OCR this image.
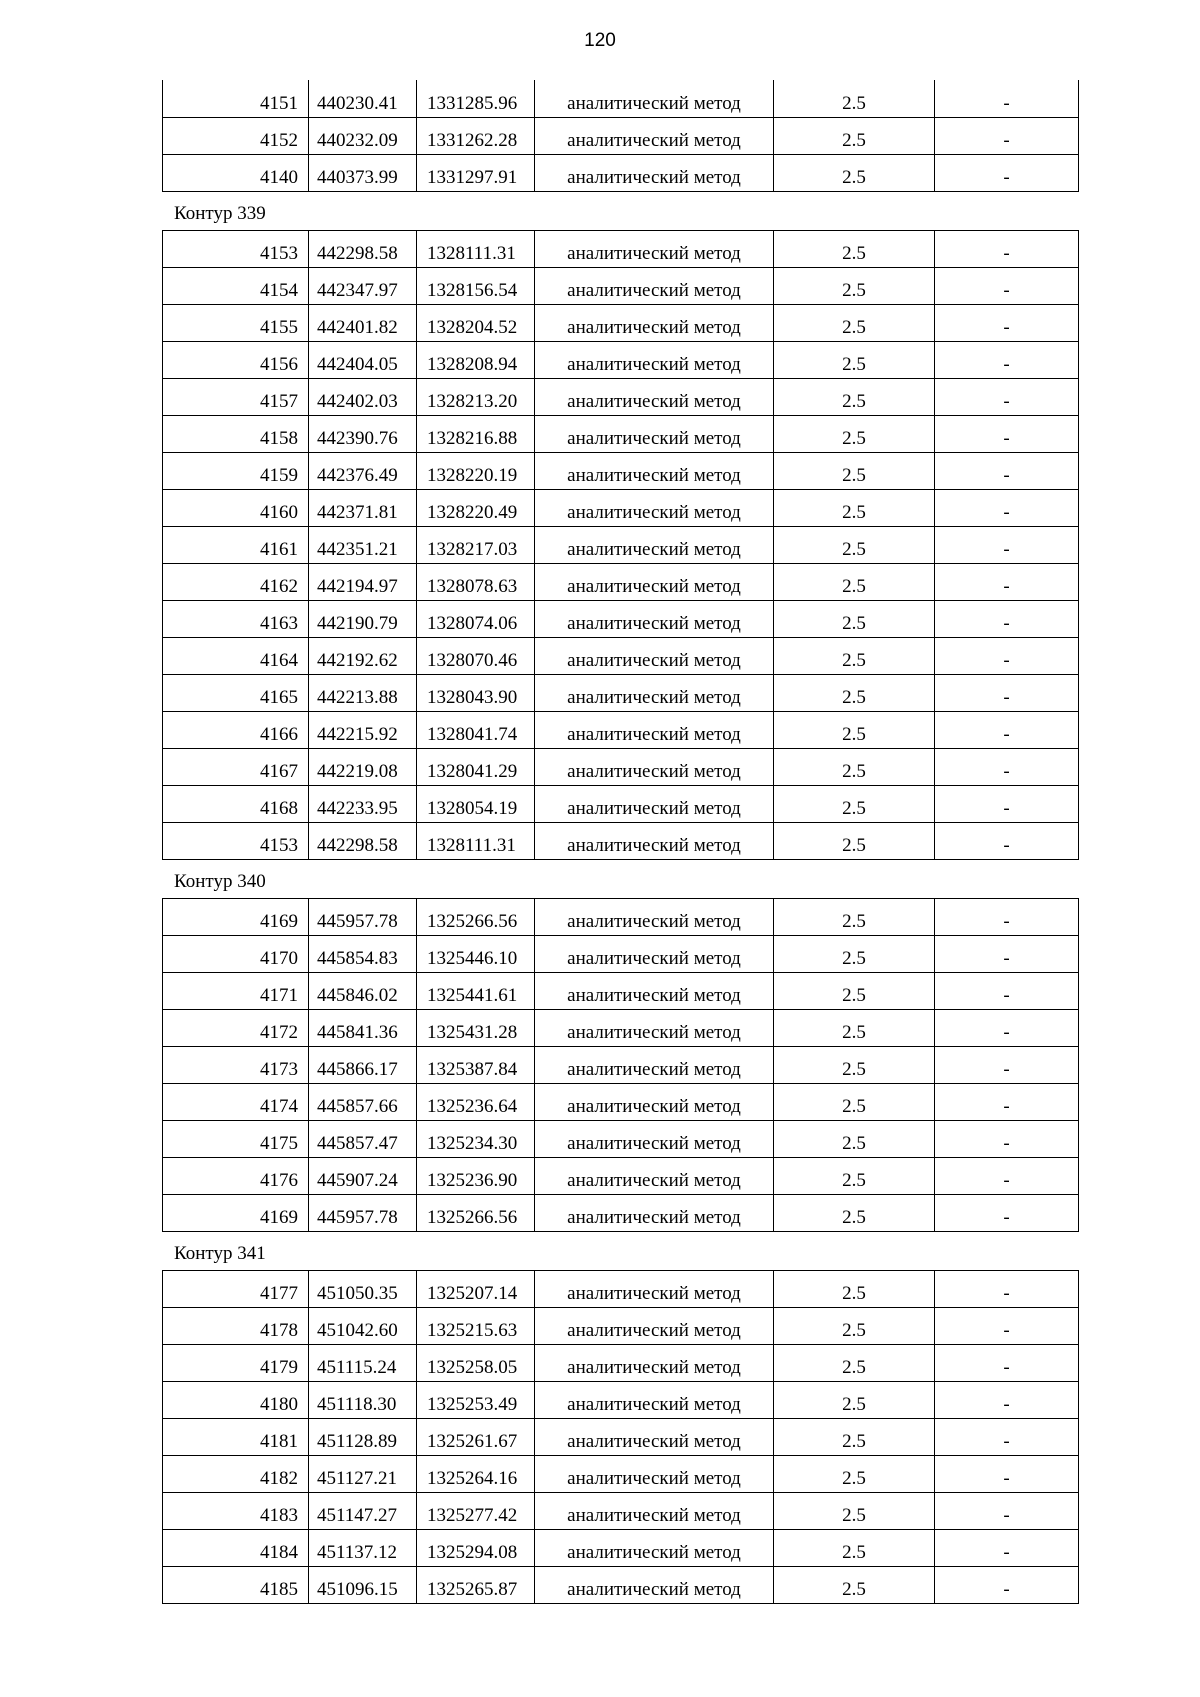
120
4151	440230.41	1331285.96	аналитический метод	2.5	-
4152	440232.09	1331262.28	аналитический метод	2.5	-
4140	440373.99	1331297.91	аналитический метод	2.5	-
Контур 339
4153	442298.58	1328111.31	аналитический метод	2.5	-
4154	442347.97	1328156.54	аналитический метод	2.5	-
4155	442401.82	1328204.52	аналитический метод	2.5	-
4156	442404.05	1328208.94	аналитический метод	2.5	-
4157	442402.03	1328213.20	аналитический метод	2.5	-
4158	442390.76	1328216.88	аналитический метод	2.5	-
4159	442376.49	1328220.19	аналитический метод	2.5	-
4160	442371.81	1328220.49	аналитический метод	2.5	-
4161	442351.21	1328217.03	аналитический метод	2.5	-
4162	442194.97	1328078.63	аналитический метод	2.5	-
4163	442190.79	1328074.06	аналитический метод	2.5	-
4164	442192.62	1328070.46	аналитический метод	2.5	-
4165	442213.88	1328043.90	аналитический метод	2.5	-
4166	442215.92	1328041.74	аналитический метод	2.5	-
4167	442219.08	1328041.29	аналитический метод	2.5	-
4168	442233.95	1328054.19	аналитический метод	2.5	-
4153	442298.58	1328111.31	аналитический метод	2.5	-
Контур 340
4169	445957.78	1325266.56	аналитический метод	2.5	-
4170	445854.83	1325446.10	аналитический метод	2.5	-
4171	445846.02	1325441.61	аналитический метод	2.5	-
4172	445841.36	1325431.28	аналитический метод	2.5	-
4173	445866.17	1325387.84	аналитический метод	2.5	-
4174	445857.66	1325236.64	аналитический метод	2.5	-
4175	445857.47	1325234.30	аналитический метод	2.5	-
4176	445907.24	1325236.90	аналитический метод	2.5	-
4169	445957.78	1325266.56	аналитический метод	2.5	-
Контур 341
4177	451050.35	1325207.14	аналитический метод	2.5	-
4178	451042.60	1325215.63	аналитический метод	2.5	-
4179	451115.24	1325258.05	аналитический метод	2.5	-
4180	451118.30	1325253.49	аналитический метод	2.5	-
4181	451128.89	1325261.67	аналитический метод	2.5	-
4182	451127.21	1325264.16	аналитический метод	2.5	-
4183	451147.27	1325277.42	аналитический метод	2.5	-
4184	451137.12	1325294.08	аналитический метод	2.5	-
4185	451096.15	1325265.87	аналитический метод	2.5	-
